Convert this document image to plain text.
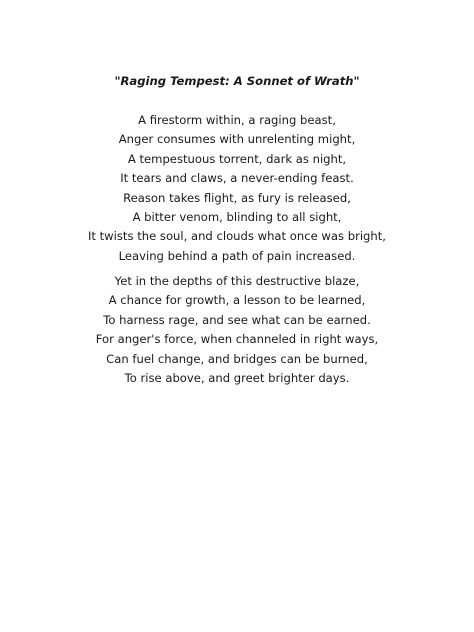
"Raging Tempest: A Sonnet of Wrath"
A firestorm within, a raging beast,
Anger consumes with unrelenting might,
A tempestuous torrent, dark as night,
It tears and claws, a never-ending feast.
Reason takes flight, as fury is released,
A bitter venom, blinding to all sight,
It twists the soul, and clouds what once was bright,
Leaving behind a path of pain increased.
Yet in the depths of this destructive blaze,
A chance for growth, a lesson to be learned,
To harness rage, and see what can be earned.
For anger's force, when channeled in right ways,
Can fuel change, and bridges can be burned,
To rise above, and greet brighter days.
